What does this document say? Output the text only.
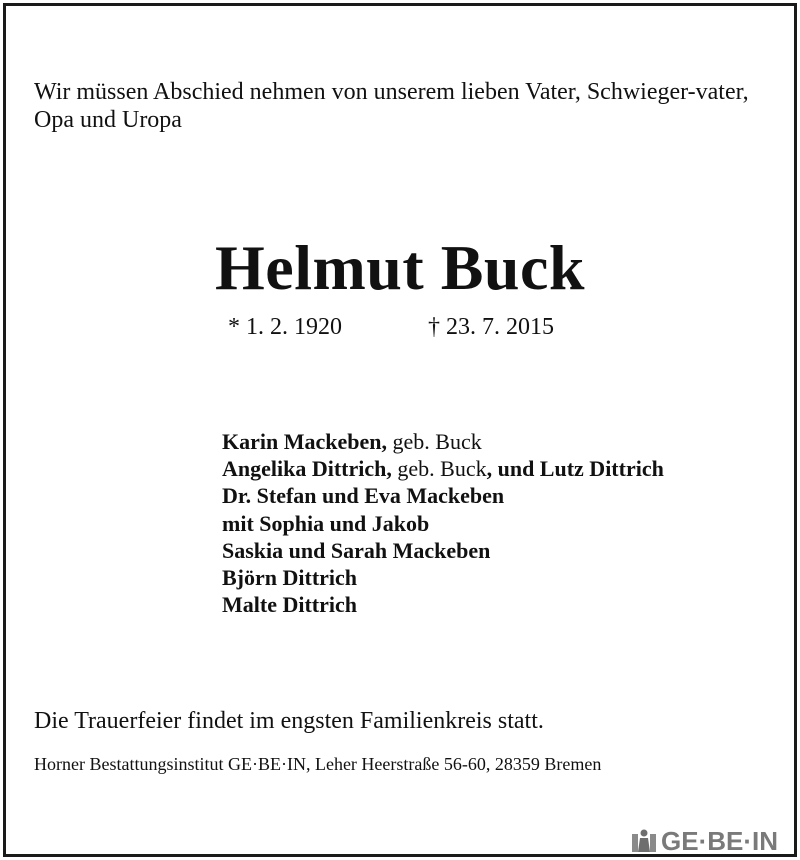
Wir müssen Abschied nehmen von unserem lieben Vater, Schwieger-vater, Opa und Uropa

Helmut Buck
* 1. 2. 1920	† 23. 7. 2015
Karin Mackeben, geb. Buck
Angelika Dittrich, geb. Buck, und Lutz Dittrich
Dr. Stefan und Eva Mackeben
mit Sophia und Jakob
Saskia und Sarah Mackeben
Björn Dittrich
Malte Dittrich

Die Trauerfeier findet im engsten Familienkreis statt.

Horner Bestattungsinstitut GE·BE·IN, Leher Heerstraße 56-60, 28359 Bremen

GE·BE·IN
